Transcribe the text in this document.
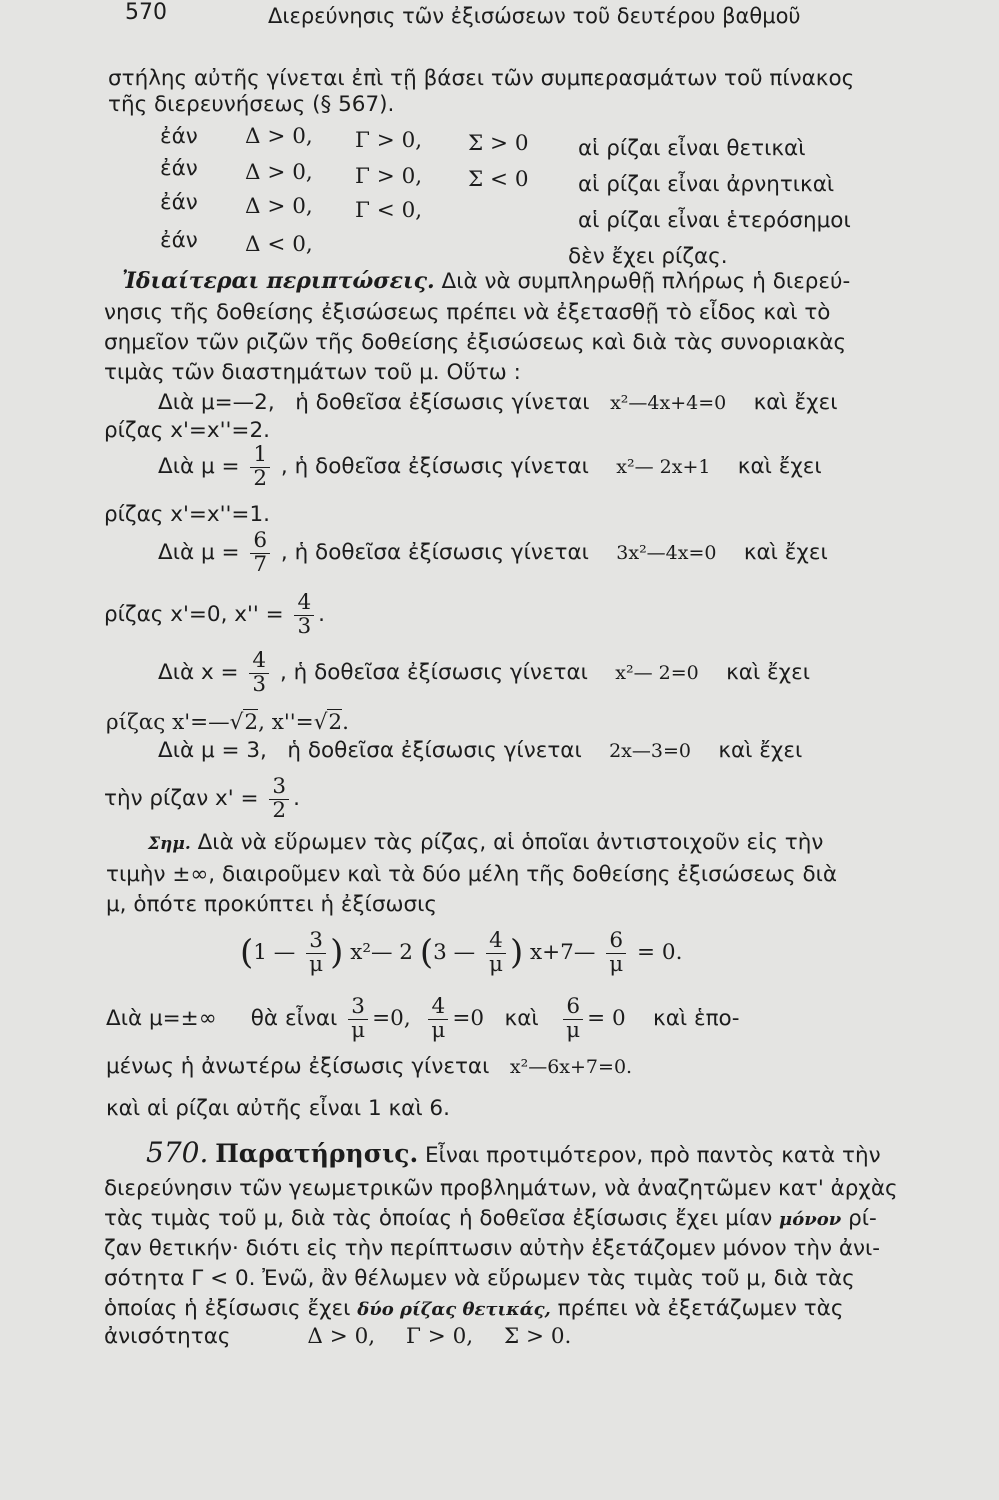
570	Διερεύνησις τῶν ἐξισώσεων τοῦ δευτέρου βαθμοῦ
στήλης αὐτῆς γίνεται ἐπὶ τῇ βάσει τῶν συμπερασμάτων τοῦ πίνακος
τῆς διερευνήσεως (§ 567).
ἐάν Δ > 0, Γ > 0, Σ > 0 αἱ ρίζαι εἶναι θετικαὶ
ἐάν Δ > 0, Γ > 0, Σ < 0 αἱ ρίζαι εἶναι ἀρνητικαὶ
ἐάν Δ > 0, Γ < 0,	αἱ ρίζαι εἶναι ἑτερόσημοι
ἐάν Δ < 0,	δὲν ἔχει ρίζας.
Ἰδιαίτεραι περιπτώσεις. Διὰ νὰ συμπληρωθῇ πλήρως ἡ διερεύ-
νησις τῆς δοθείσης ἐξισώσεως πρέπει νὰ ἐξετασθῇ τὸ εἶδος καὶ τὸ
σημεῖον τῶν ριζῶν τῆς δοθείσης ἐξισώσεως καὶ διὰ τὰς συνοριακὰς
τιμὰς τῶν διαστημάτων τοῦ μ. Οὕτω :
Διὰ μ=—2, ἡ δοθεῖσα ἐξίσωσις γίνεται x²—4x+4=0 καὶ ἔχει
ρίζας x'=x''=2.
Διὰ $\mu = \frac{1}{2}$ , ἡ δοθεῖσα ἐξίσωσις γίνεται x²— 2x+1 καὶ ἔχει
ρίζας x'=x''=1.
Διὰ $\mu = \frac{6}{7}$ , ἡ δοθεῖσα ἐξίσωσις γίνεται 3x²—4x=0 καὶ ἔχει
ρίζας x'=0, $x'' = \frac{4}{3}$ .
Διὰ $x = \frac{4}{3}$ , ἡ δοθεῖσα ἐξίσωσις γίνεται x²— 2=0 καὶ ἔχει
ρίζας x'=—√2, x''=√2.
Διὰ μ = 3, ἡ δοθεῖσα ἐξίσωσις γίνεται 2x—3=0 καὶ ἔχει
τὴν ρίζαν $x' = \frac{3}{2}$ .
Σημ. Διὰ νὰ εὕρωμεν τὰς ρίζας, αἱ ὁποῖαι ἀντιστοιχοῦν εἰς τὴν
τιμὴν ±∞, διαιροῦμεν καὶ τὰ δύο μέλη τῆς δοθείσης ἐξισώσεως διὰ
μ, ὁπότε προκύπτει ἡ ἐξίσωσις
(1 — $\frac{3}{\mu}$ ) x²— 2 (3 — $\frac{4}{\mu}$ ) x+7— $\frac{6}{\mu} = 0$.
Διὰ μ=±∞ θὰ εἶναι $\frac{3}{\mu} =0$, $\frac{4}{\mu} =0$ καὶ $\frac{6}{\mu} = 0$ καὶ ἑπο-
μένως ἡ ἀνωτέρω ἐξίσωσις γίνεται x²—6x+7=0.
καὶ αἱ ρίζαι αὐτῆς εἶναι 1 καὶ 6.
570. Παρατήρησις. Εἶναι προτιμότερον, πρὸ παντὸς κατὰ τὴν
διερεύνησιν τῶν γεωμετρικῶν προβλημάτων, νὰ ἀναζητῶμεν κατ' ἀρχὰς
τὰς τιμὰς τοῦ μ, διὰ τὰς ὁποίας ἡ δοθεῖσα ἐξίσωσις ἔχει μίαν μόνον ρί-
ζαν θετικήν· διότι εἰς τὴν περίπτωσιν αὐτὴν ἐξετάζομεν μόνον τὴν ἀνι-
σότητα Γ < 0. Ἐνῶ, ἂν θέλωμεν νὰ εὕρωμεν τὰς τιμὰς τοῦ μ, διὰ τὰς
ὁποίας ἡ ἐξίσωσις ἔχει δύο ρίζας θετικάς, πρέπει νὰ ἐξετάζωμεν τὰς
ἀνισότητας	Δ > 0, Γ > 0, Σ > 0.
